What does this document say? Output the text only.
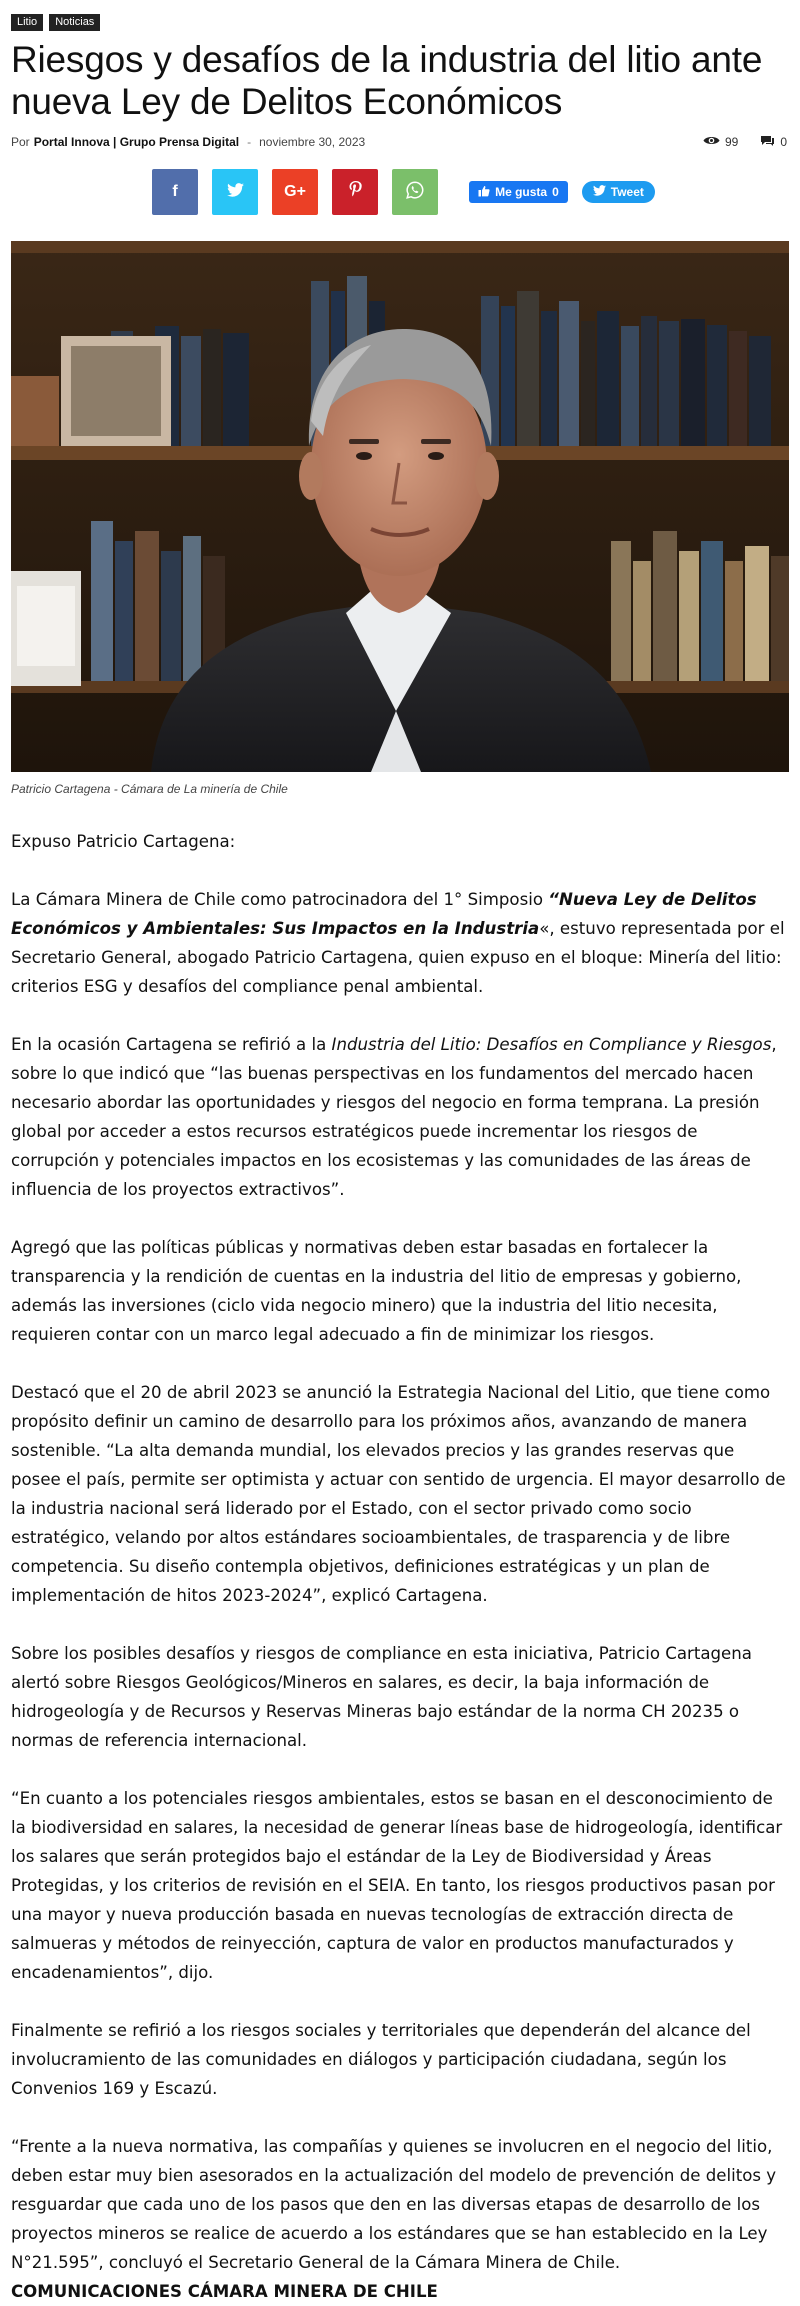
Litio	Noticias
Riesgos y desafíos de la industria del litio ante nueva Ley de Delitos Económicos
Por Portal Innova | Grupo Prensa Digital - noviembre 30, 2023	99	0
f	G+	Me gusta 0	Tweet
Patricio Cartagena - Cámara de La minería de Chile

Expuso Patricio Cartagena:

La Cámara Minera de Chile como patrocinadora del 1° Simposio “Nueva Ley de Delitos Económicos y Ambientales: Sus Impactos en la Industria«, estuvo representada por el Secretario General, abogado Patricio Cartagena, quien expuso en el bloque: Minería del litio: criterios ESG y desafíos del compliance penal ambiental.

En la ocasión Cartagena se refirió a la Industria del Litio: Desafíos en Compliance y Riesgos, sobre lo que indicó que “las buenas perspectivas en los fundamentos del mercado hacen necesario abordar las oportunidades y riesgos del negocio en forma temprana. La presión global por acceder a estos recursos estratégicos puede incrementar los riesgos de corrupción y potenciales impactos en los ecosistemas y las comunidades de las áreas de influencia de los proyectos extractivos”.

Agregó que las políticas públicas y normativas deben estar basadas en fortalecer la transparencia y la rendición de cuentas en la industria del litio de empresas y gobierno, además las inversiones (ciclo vida negocio minero) que la industria del litio necesita, requieren contar con un marco legal adecuado a fin de minimizar los riesgos.

Destacó que el 20 de abril 2023 se anunció la Estrategia Nacional del Litio, que tiene como propósito definir un camino de desarrollo para los próximos años, avanzando de manera sostenible. “La alta demanda mundial, los elevados precios y las grandes reservas que posee el país, permite ser optimista y actuar con sentido de urgencia. El mayor desarrollo de la industria nacional será liderado por el Estado, con el sector privado como socio estratégico, velando por altos estándares socioambientales, de trasparencia y de libre competencia. Su diseño contempla objetivos, definiciones estratégicas y un plan de implementación de hitos 2023-2024”, explicó Cartagena.

Sobre los posibles desafíos y riesgos de compliance en esta iniciativa, Patricio Cartagena alertó sobre Riesgos Geológicos/Mineros en salares, es decir, la baja información de hidrogeología y de Recursos y Reservas Mineras bajo estándar de la norma CH 20235 o normas de referencia internacional.

“En cuanto a los potenciales riesgos ambientales, estos se basan en el desconocimiento de la biodiversidad en salares, la necesidad de generar líneas base de hidrogeología, identificar los salares que serán protegidos bajo el estándar de la Ley de Biodiversidad y Áreas Protegidas, y los criterios de revisión en el SEIA. En tanto, los riesgos productivos pasan por una mayor y nueva producción basada en nuevas tecnologías de extracción directa de salmueras y métodos de reinyección, captura de valor en productos manufacturados y encadenamientos”, dijo.

Finalmente se refirió a los riesgos sociales y territoriales que dependerán del alcance del involucramiento de las comunidades en diálogos y participación ciudadana, según los Convenios 169 y Escazú.

“Frente a la nueva normativa, las compañías y quienes se involucren en el negocio del litio, deben estar muy bien asesorados en la actualización del modelo de prevención de delitos y resguardar que cada uno de los pasos que den en las diversas etapas de desarrollo de los proyectos mineros se realice de acuerdo a los estándares que se han establecido en la Ley N°21.595”, concluyó el Secretario General de la Cámara Minera de Chile.

COMUNICACIONES CÁMARA MINERA DE CHILE
